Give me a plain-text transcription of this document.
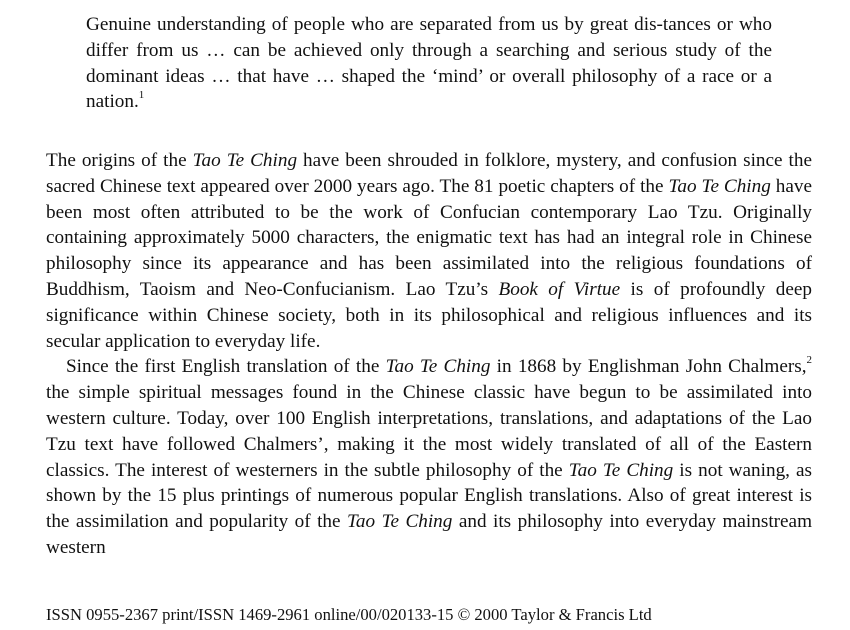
Genuine understanding of people who are separated from us by great dis-tances or who differ from us … can be achieved only through a searching and serious study of the dominant ideas … that have … shaped the ‘mind’ or overall philosophy of a race or a nation.$^1$

The origins of the Tao Te Ching have been shrouded in folklore, mystery, and confusion since the sacred Chinese text appeared over 2000 years ago. The 81 poetic chapters of the Tao Te Ching have been most often attributed to be the work of Confucian contemporary Lao Tzu. Originally containing approximately 5000 characters, the enigmatic text has had an integral role in Chinese philosophy since its appearance and has been assimilated into the religious foundations of Buddhism, Taoism and Neo-Confucianism. Lao Tzu’s Book of Virtue is of profoundly deep significance within Chinese society, both in its philosophical and religious influences and its secular application to everyday life.

Since the first English translation of the Tao Te Ching in 1868 by Englishman John Chalmers,$^2$ the simple spiritual messages found in the Chinese classic have begun to be assimilated into western culture. Today, over 100 English interpretations, translations, and adaptations of the Lao Tzu text have followed Chalmers’, making it the most widely translated of all of the Eastern classics. The interest of westerners in the subtle philosophy of the Tao Te Ching is not waning, as shown by the 15 plus printings of numerous popular English translations. Also of great interest is the assimilation and popularity of the Tao Te Ching and its philosophy into everyday mainstream western

ISSN 0955-2367 print/ISSN 1469-2961 online/00/020133-15 © 2000 Taylor & Francis Ltd
